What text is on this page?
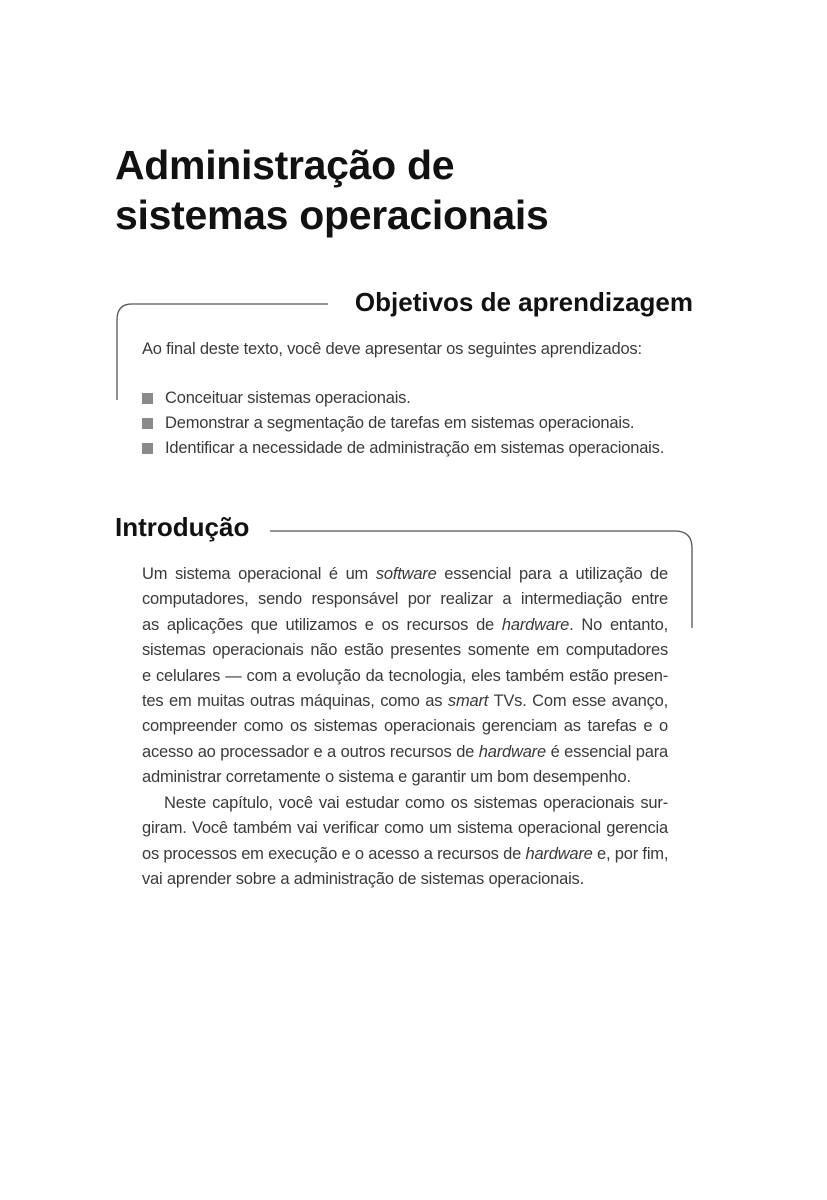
Administração de
sistemas operacionais
Objetivos de aprendizagem
Ao final deste texto, você deve apresentar os seguintes aprendizados:
Conceituar sistemas operacionais.
Demonstrar a segmentação de tarefas em sistemas operacionais.
Identificar a necessidade de administração em sistemas operacionais.
Introdução
Um sistema operacional é um software essencial para a utilização de
computadores, sendo responsável por realizar a intermediação entre
as aplicações que utilizamos e os recursos de hardware. No entanto,
sistemas operacionais não estão presentes somente em computadores
e celulares — com a evolução da tecnologia, eles também estão presen-
tes em muitas outras máquinas, como as smart TVs. Com esse avanço,
compreender como os sistemas operacionais gerenciam as tarefas e o
acesso ao processador e a outros recursos de hardware é essencial para
administrar corretamente o sistema e garantir um bom desempenho.
Neste capítulo, você vai estudar como os sistemas operacionais sur-
giram. Você também vai verificar como um sistema operacional gerencia
os processos em execução e o acesso a recursos de hardware e, por fim,
vai aprender sobre a administração de sistemas operacionais.
